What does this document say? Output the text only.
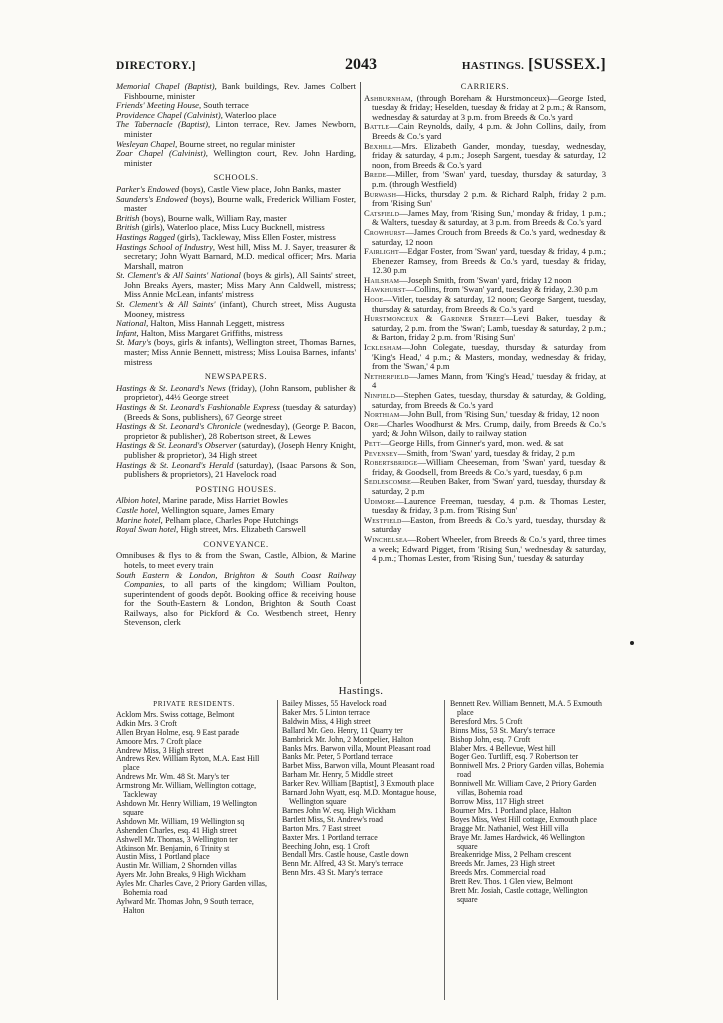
DIRECTORY.]	2043	HASTINGS. [SUSSEX.]

Memorial Chapel (Baptist), Bank buildings, Rev. James Colbert Fishbourne, minister

Friends' Meeting House, South terrace

Providence Chapel (Calvinist), Waterloo place

The Tabernacle (Baptist), Linton terrace, Rev. James Newborn, minister

Wesleyan Chapel, Bourne street, no regular minister

Zoar Chapel (Calvinist), Wellington court, Rev. John Harding, minister

SCHOOLS.

Parker's Endowed (boys), Castle View place, John Banks, master

Saunders's Endowed (boys), Bourne walk, Frederick William Foster, master

British (boys), Bourne walk, William Ray, master

British (girls), Waterloo place, Miss Lucy Bucknell, mistress

Hastings Ragged (girls), Tackleway, Miss Ellen Foster, mistress

Hastings School of Industry, West hill, Miss M. J. Sayer, treasurer & secretary; John Wyatt Barnard, M.D. medical officer; Mrs. Maria Marshall, matron

St. Clement's & All Saints' National (boys & girls), All Saints' street, John Breaks Ayers, master; Miss Mary Ann Caldwell, mistress; Miss Annie McLean, infants' mistress

St. Clement's & All Saints' (infant), Church street, Miss Augusta Mooney, mistress

National, Halton, Miss Hannah Leggett, mistress

Infant, Halton, Miss Margaret Griffiths, mistress

St. Mary's (boys, girls & infants), Wellington street, Thomas Barnes, master; Miss Annie Bennett, mistress; Miss Louisa Barnes, infants' mistress

NEWSPAPERS.

Hastings & St. Leonard's News (friday), (John Ransom, publisher & proprietor), 44½ George street

Hastings & St. Leonard's Fashionable Express (tuesday & saturday) (Breeds & Sons, publishers), 67 George street

Hastings & St. Leonard's Chronicle (wednesday), (George P. Bacon, proprietor & publisher), 28 Robertson street, & Lewes

Hastings & St. Leonard's Observer (saturday), (Joseph Henry Knight, publisher & proprietor), 34 High street

Hastings & St. Leonard's Herald (saturday), (Isaac Parsons & Son, publishers & proprietors), 21 Havelock road

POSTING HOUSES.

Albion hotel, Marine parade, Miss Harriet Bowles

Castle hotel, Wellington square, James Emary

Marine hotel, Pelham place, Charles Pope Hutchings

Royal Swan hotel, High street, Mrs. Elizabeth Carswell

CONVEYANCE.

Omnibuses & flys to & from the Swan, Castle, Albion, & Marine hotels, to meet every train

South Eastern & London, Brighton & South Coast Railway Companies, to all parts of the kingdom; William Poulton, superintendent of goods depôt. Booking office & receiving house for the South-Eastern & London, Brighton & South Coast Railways, also for Pickford & Co. Westbench street, Henry Stevenson, clerk

CARRIERS.

Ashburnham, (through Boreham & Hurstmonceux)—George Isted, tuesday & friday; Heselden, tuesday & friday at 2 p.m.; & Ransom, wednesday & saturday at 3 p.m. from Breeds & Co.'s yard

Battle—Cain Reynolds, daily, 4 p.m. & John Collins, daily, from Breeds & Co.'s yard

Bexhill—Mrs. Elizabeth Gander, monday, tuesday, wednesday, friday & saturday, 4 p.m.; Joseph Sargent, tuesday & saturday, 12 noon, from Breeds & Co.'s yard

Brede—Miller, from 'Swan' yard, tuesday, thursday & saturday, 3 p.m. (through Westfield)

Burwash—Hicks, thursday 2 p.m. & Richard Ralph, friday 2 p.m. from 'Rising Sun'

Catsfield—James May, from 'Rising Sun,' monday & friday, 1 p.m.; & Walters, tuesday & saturday, at 3 p.m. from Breeds & Co.'s yard

Crowhurst—James Crouch from Breeds & Co.'s yard, wednesday & saturday, 12 noon

Fairlight—Edgar Foster, from 'Swan' yard, tuesday & friday, 4 p.m.; Ebenezer Ramsey, from Breeds & Co.'s yard, tuesday & friday, 12.30 p.m

Hailsham—Joseph Smith, from 'Swan' yard, friday 12 noon

Hawkhurst—Collins, from 'Swan' yard, tuesday & friday, 2.30 p.m

Hooe—Vitler, tuesday & saturday, 12 noon; George Sargent, tuesday, thursday & saturday, from Breeds & Co.'s yard

Hurstmonceux & Gardner Street—Levi Baker, tuesday & saturday, 2 p.m. from the 'Swan'; Lamb, tuesday & saturday, 2 p.m.; & Barton, friday 2 p.m. from 'Rising Sun'

Icklesham—John Colegate, tuesday, thursday & saturday from 'King's Head,' 4 p.m.; & Masters, monday, wednesday & friday, from the 'Swan,' 4 p.m

Netherfield—James Mann, from 'King's Head,' tuesday & friday, at 4

Ninfield—Stephen Gates, tuesday, thursday & saturday, & Golding, saturday, from Breeds & Co.'s yard

Northiam—John Bull, from 'Rising Sun,' tuesday & friday, 12 noon

Ore—Charles Woodhurst & Mrs. Crump, daily, from Breeds & Co.'s yard; & John Wilson, daily to railway station

Pett—George Hills, from Ginner's yard, mon. wed. & sat

Pevensey—Smith, from 'Swan' yard, tuesday & friday, 2 p.m

Robertsbridge—William Cheeseman, from 'Swan' yard, tuesday & friday, & Goodsell, from Breeds & Co.'s yard, tuesday, 6 p.m

Sedlescombe—Reuben Baker, from 'Swan' yard, tuesday, thursday & saturday, 2 p.m

Udimore—Laurence Freeman, tuesday, 4 p.m. & Thomas Lester, tuesday & friday, 3 p.m. from 'Rising Sun'

Westfield—Easton, from Breeds & Co.'s yard, tuesday, thursday & saturday

Winchelsea—Robert Wheeler, from Breeds & Co.'s yard, three times a week; Edward Pigget, from 'Rising Sun,' wednesday & saturday, 4 p.m.; Thomas Lester, from 'Rising Sun,' tuesday & saturday

Hastings.
PRIVATE RESIDENTS.

Acklom Mrs. Swiss cottage, Belmont

Adkin Mrs. 3 Croft

Allen Bryan Holme, esq. 9 East parade

Amoore Mrs. 7 Croft place

Andrew Miss, 3 High street

Andrews Rev. William Ryton, M.A. East Hill place

Andrews Mr. Wm. 48 St. Mary's ter

Armstrong Mr. William, Wellington cottage, Tackleway

Ashdown Mr. Henry William, 19 Wellington square

Ashdown Mr. William, 19 Wellington sq

Ashenden Charles, esq. 41 High street

Ashwell Mr. Thomas, 3 Wellington ter

Atkinson Mr. Benjamin, 6 Trinity st

Austin Miss, 1 Portland place

Austin Mr. William, 2 Shornden villas

Ayers Mr. John Breaks, 9 High Wickham

Ayles Mr. Charles Cave, 2 Priory Garden villas, Bohemia road

Aylward Mr. Thomas John, 9 South terrace, Halton

Bailey Misses, 55 Havelock road

Baker Mrs. 5 Linton terrace

Baldwin Miss, 4 High street

Ballard Mr. Geo. Henry, 11 Quarry ter

Bambrick Mr. John, 2 Montpelier, Halton

Banks Mrs. Barwon villa, Mount Pleasant road

Banks Mr. Peter, 5 Portland terrace

Barbet Miss, Barwon villa, Mount Pleasant road

Barham Mr. Henry, 5 Middle street

Barker Rev. William [Baptist], 3 Exmouth place

Barnard John Wyatt, esq. M.D. Montague house, Wellington square

Barnes John W. esq. High Wickham

Bartlett Miss, St. Andrew's road

Barton Mrs. 7 East street

Baxter Mrs. 1 Portland terrace

Beeching John, esq. 1 Croft

Bendall Mrs. Castle house, Castle down

Benn Mr. Alfred, 43 St. Mary's terrace

Benn Mrs. 43 St. Mary's terrace

Bennett Rev. William Bennett, M.A. 5 Exmouth place

Beresford Mrs. 5 Croft

Binns Miss, 53 St. Mary's terrace

Bishop John, esq. 7 Croft

Blaber Mrs. 4 Bellevue, West hill

Boger Geo. Turtliff, esq. 7 Robertson ter

Bonniwell Mrs. 2 Priory Garden villas, Bohemia road

Bonniwell Mr. William Cave, 2 Priory Garden villas, Bohemia road

Borrow Miss, 117 High street

Bourner Mrs. 1 Portland place, Halton

Boyes Miss, West Hill cottage, Exmouth place

Bragge Mr. Nathaniel, West Hill villa

Braye Mr. James Hardwick, 46 Wellington square

Breakenridge Miss, 2 Pelham crescent

Breeds Mr. James, 23 High street

Breeds Mrs. Commercial road

Brett Rev. Thos. 1 Glen view, Belmont

Brett Mr. Josiah, Castle cottage, Wellington square
